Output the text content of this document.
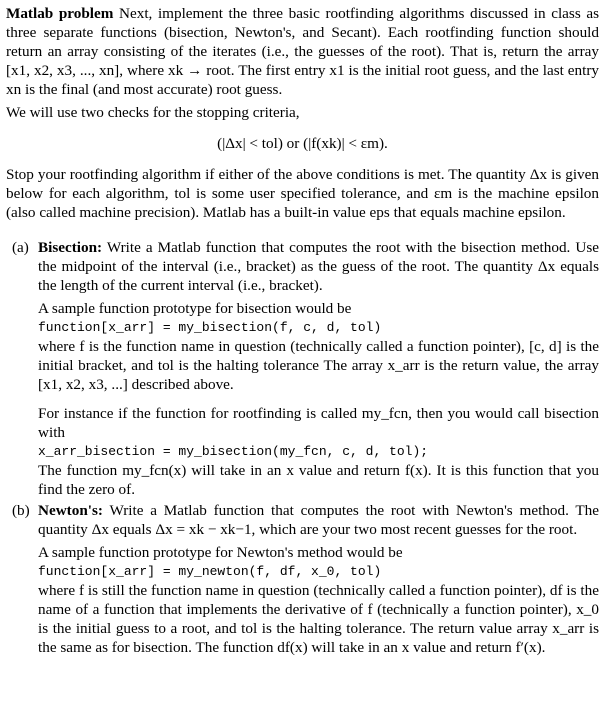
Matlab problem Next, implement the three basic rootfinding algorithms discussed in class as three separate functions (bisection, Newton's, and Secant). Each rootfinding function should return an array consisting of the iterates (i.e., the guesses of the root). That is, return the array [x1, x2, x3, ..., xn], where xk → root. The first entry x1 is the initial root guess, and the last entry xn is the final (and most accurate) root guess.

We will use two checks for the stopping criteria,

(|Δx| < tol) or (|f(xk)| < εm).

Stop your rootfinding algorithm if either of the above conditions is met. The quantity Δx is given below for each algorithm, tol is some user specified tolerance, and εm is the machine epsilon (also called machine precision). Matlab has a built-in value eps that equals machine epsilon.

(a) Bisection: Write a Matlab function that computes the root with the bisection method. Use the midpoint of the interval (i.e., bracket) as the guess of the root. The quantity Δx equals the length of the current interval (i.e., bracket).

A sample function prototype for bisection would be

function[x_arr] = my_bisection(f, c, d, tol)

where f is the function name in question (technically called a function pointer), [c, d] is the initial bracket, and tol is the halting tolerance The array x_arr is the return value, the array [x1, x2, x3, ...] described above.

For instance if the function for rootfinding is called my_fcn, then you would call bisection with

x_arr_bisection = my_bisection(my_fcn, c, d, tol);

The function my_fcn(x) will take in an x value and return f(x). It is this function that you find the zero of.

(b) Newton's: Write a Matlab function that computes the root with Newton's method. The quantity Δx equals Δx = xk − xk−1, which are your two most recent guesses for the root.

A sample function prototype for Newton's method would be

function[x_arr] = my_newton(f, df, x_0, tol)

where f is still the function name in question (technically called a function pointer), df is the name of a function that implements the derivative of f (technically a function pointer), x_0 is the initial guess to a root, and tol is the halting tolerance. The return value array x_arr is the same as for bisection. The function df(x) will take in an x value and return f′(x).
